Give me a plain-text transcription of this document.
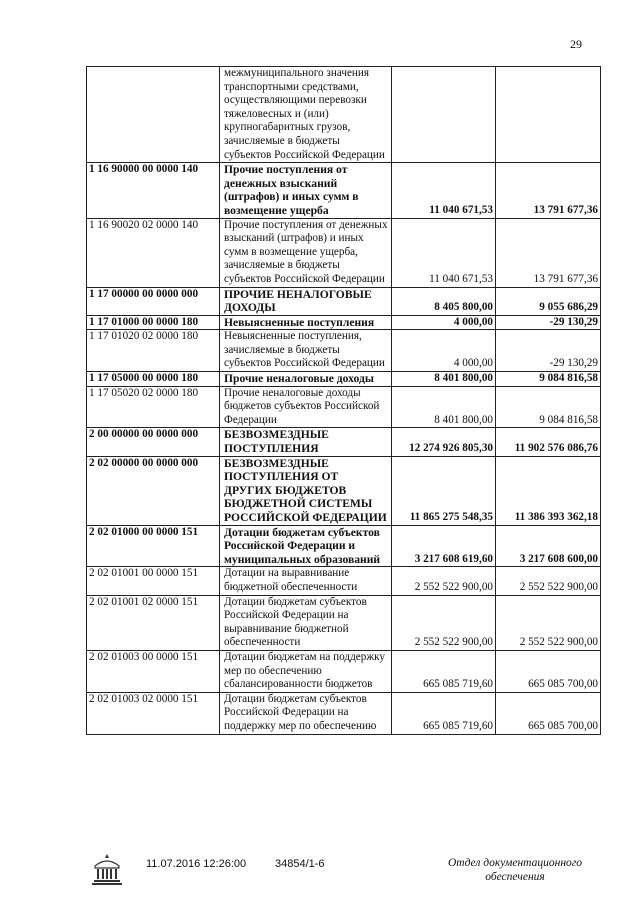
29
	межмуниципального значения транспортными средствами, осуществляющими перевозки тяжеловесных и (или) крупногабаритных грузов, зачисляемые в бюджеты субъектов Российской Федерации		
1 16 90000 00 0000 140	Прочие поступления от денежных взысканий (штрафов) и иных сумм в возмещение ущерба	11 040 671,53	13 791 677,36
1 16 90020 02 0000 140	Прочие поступления от денежных взысканий (штрафов) и иных сумм в возмещение ущерба, зачисляемые в бюджеты субъектов Российской Федерации	11 040 671,53	13 791 677,36
1 17 00000 00 0000 000	ПРОЧИЕ НЕНАЛОГОВЫЕ ДОХОДЫ	8 405 800,00	9 055 686,29
1 17 01000 00 0000 180	Невыясненные поступления	4 000,00	-29 130,29
1 17 01020 02 0000 180	Невыясненные поступления, зачисляемые в бюджеты субъектов Российской Федерации	4 000,00	-29 130,29
1 17 05000 00 0000 180	Прочие неналоговые доходы	8 401 800,00	9 084 816,58
1 17 05020 02 0000 180	Прочие неналоговые доходы бюджетов субъектов Российской Федерации	8 401 800,00	9 084 816,58
2 00 00000 00 0000 000	БЕЗВОЗМЕЗДНЫЕ ПОСТУПЛЕНИЯ	12 274 926 805,30	11 902 576 086,76
2 02 00000 00 0000 000	БЕЗВОЗМЕЗДНЫЕ ПОСТУПЛЕНИЯ ОТ ДРУГИХ БЮДЖЕТОВ БЮДЖЕТНОЙ СИСТЕМЫ РОССИЙСКОЙ ФЕДЕРАЦИИ	11 865 275 548,35	11 386 393 362,18
2 02 01000 00 0000 151	Дотации бюджетам субъектов Российской Федерации и муниципальных образований	3 217 608 619,60	3 217 608 600,00
2 02 01001 00 0000 151	Дотации на выравнивание бюджетной обеспеченности	2 552 522 900,00	2 552 522 900,00
2 02 01001 02 0000 151	Дотации бюджетам субъектов Российской Федерации на выравнивание бюджетной обеспеченности	2 552 522 900,00	2 552 522 900,00
2 02 01003 00 0000 151	Дотации бюджетам на поддержку мер по обеспечению сбалансированности бюджетов	665 085 719,60	665 085 700,00
2 02 01003 02 0000 151	Дотации бюджетам субъектов Российской Федерации на поддержку мер по обеспечению	665 085 719,60	665 085 700,00
11.07.2016 12:26:00	34854/1-6	Отдел документационного
обеспечения
